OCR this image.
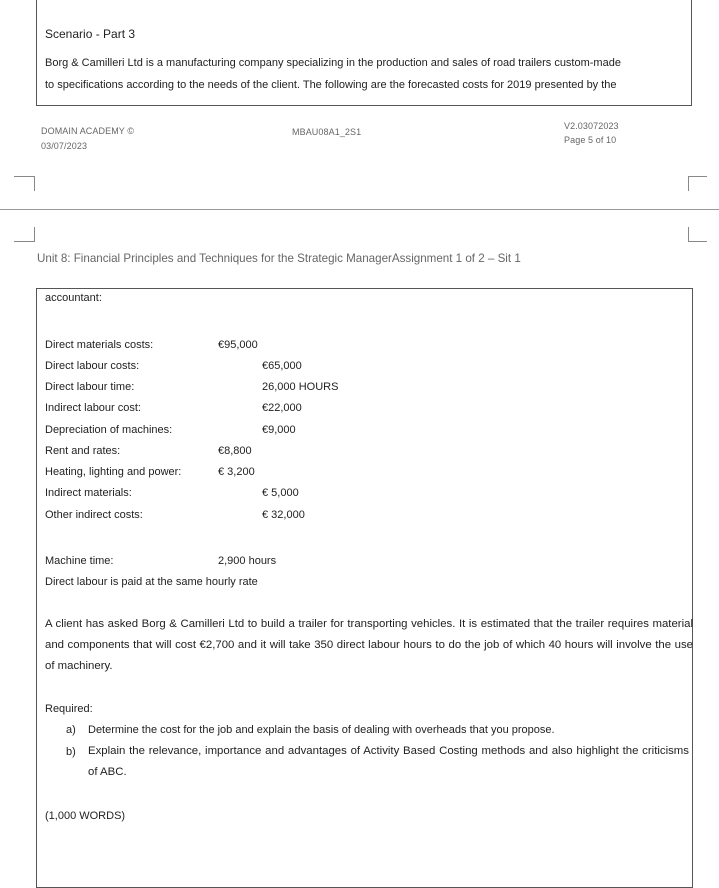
Scenario - Part 3
Borg & Camilleri Ltd is a manufacturing company specializing in the production and sales of road trailers custom-made
to specifications according to the needs of the client. The following are the forecasted costs for 2019 presented by the
DOMAIN ACADEMY ©
03/07/2023
MBAU08A1_2S1
V2.03072023
Page 5 of 10
Unit 8: Financial Principles and Techniques for the Strategic ManagerAssignment 1 of 2 – Sit 1
accountant:
Direct materials costs:	€95,000
Direct labour costs:	€65,000
Direct labour time:	26,000 HOURS
Indirect labour cost:	€22,000
Depreciation of machines:	€9,000
Rent and rates:	€8,800
Heating, lighting and power:	€ 3,200
Indirect materials:	€ 5,000
Other indirect costs:	€ 32,000
Machine time:	2,900 hours
Direct labour is paid at the same hourly rate
A client has asked Borg & Camilleri Ltd to build a trailer for transporting vehicles. It is estimated that the trailer requires material and components that will cost €2,700 and it will take 350 direct labour hours to do the job of which 40 hours will involve the use of machinery.
Required:
a) Determine the cost for the job and explain the basis of dealing with overheads that you propose.
b) Explain the relevance, importance and advantages of Activity Based Costing methods and also highlight the criticisms of ABC.
(1,000 WORDS)
